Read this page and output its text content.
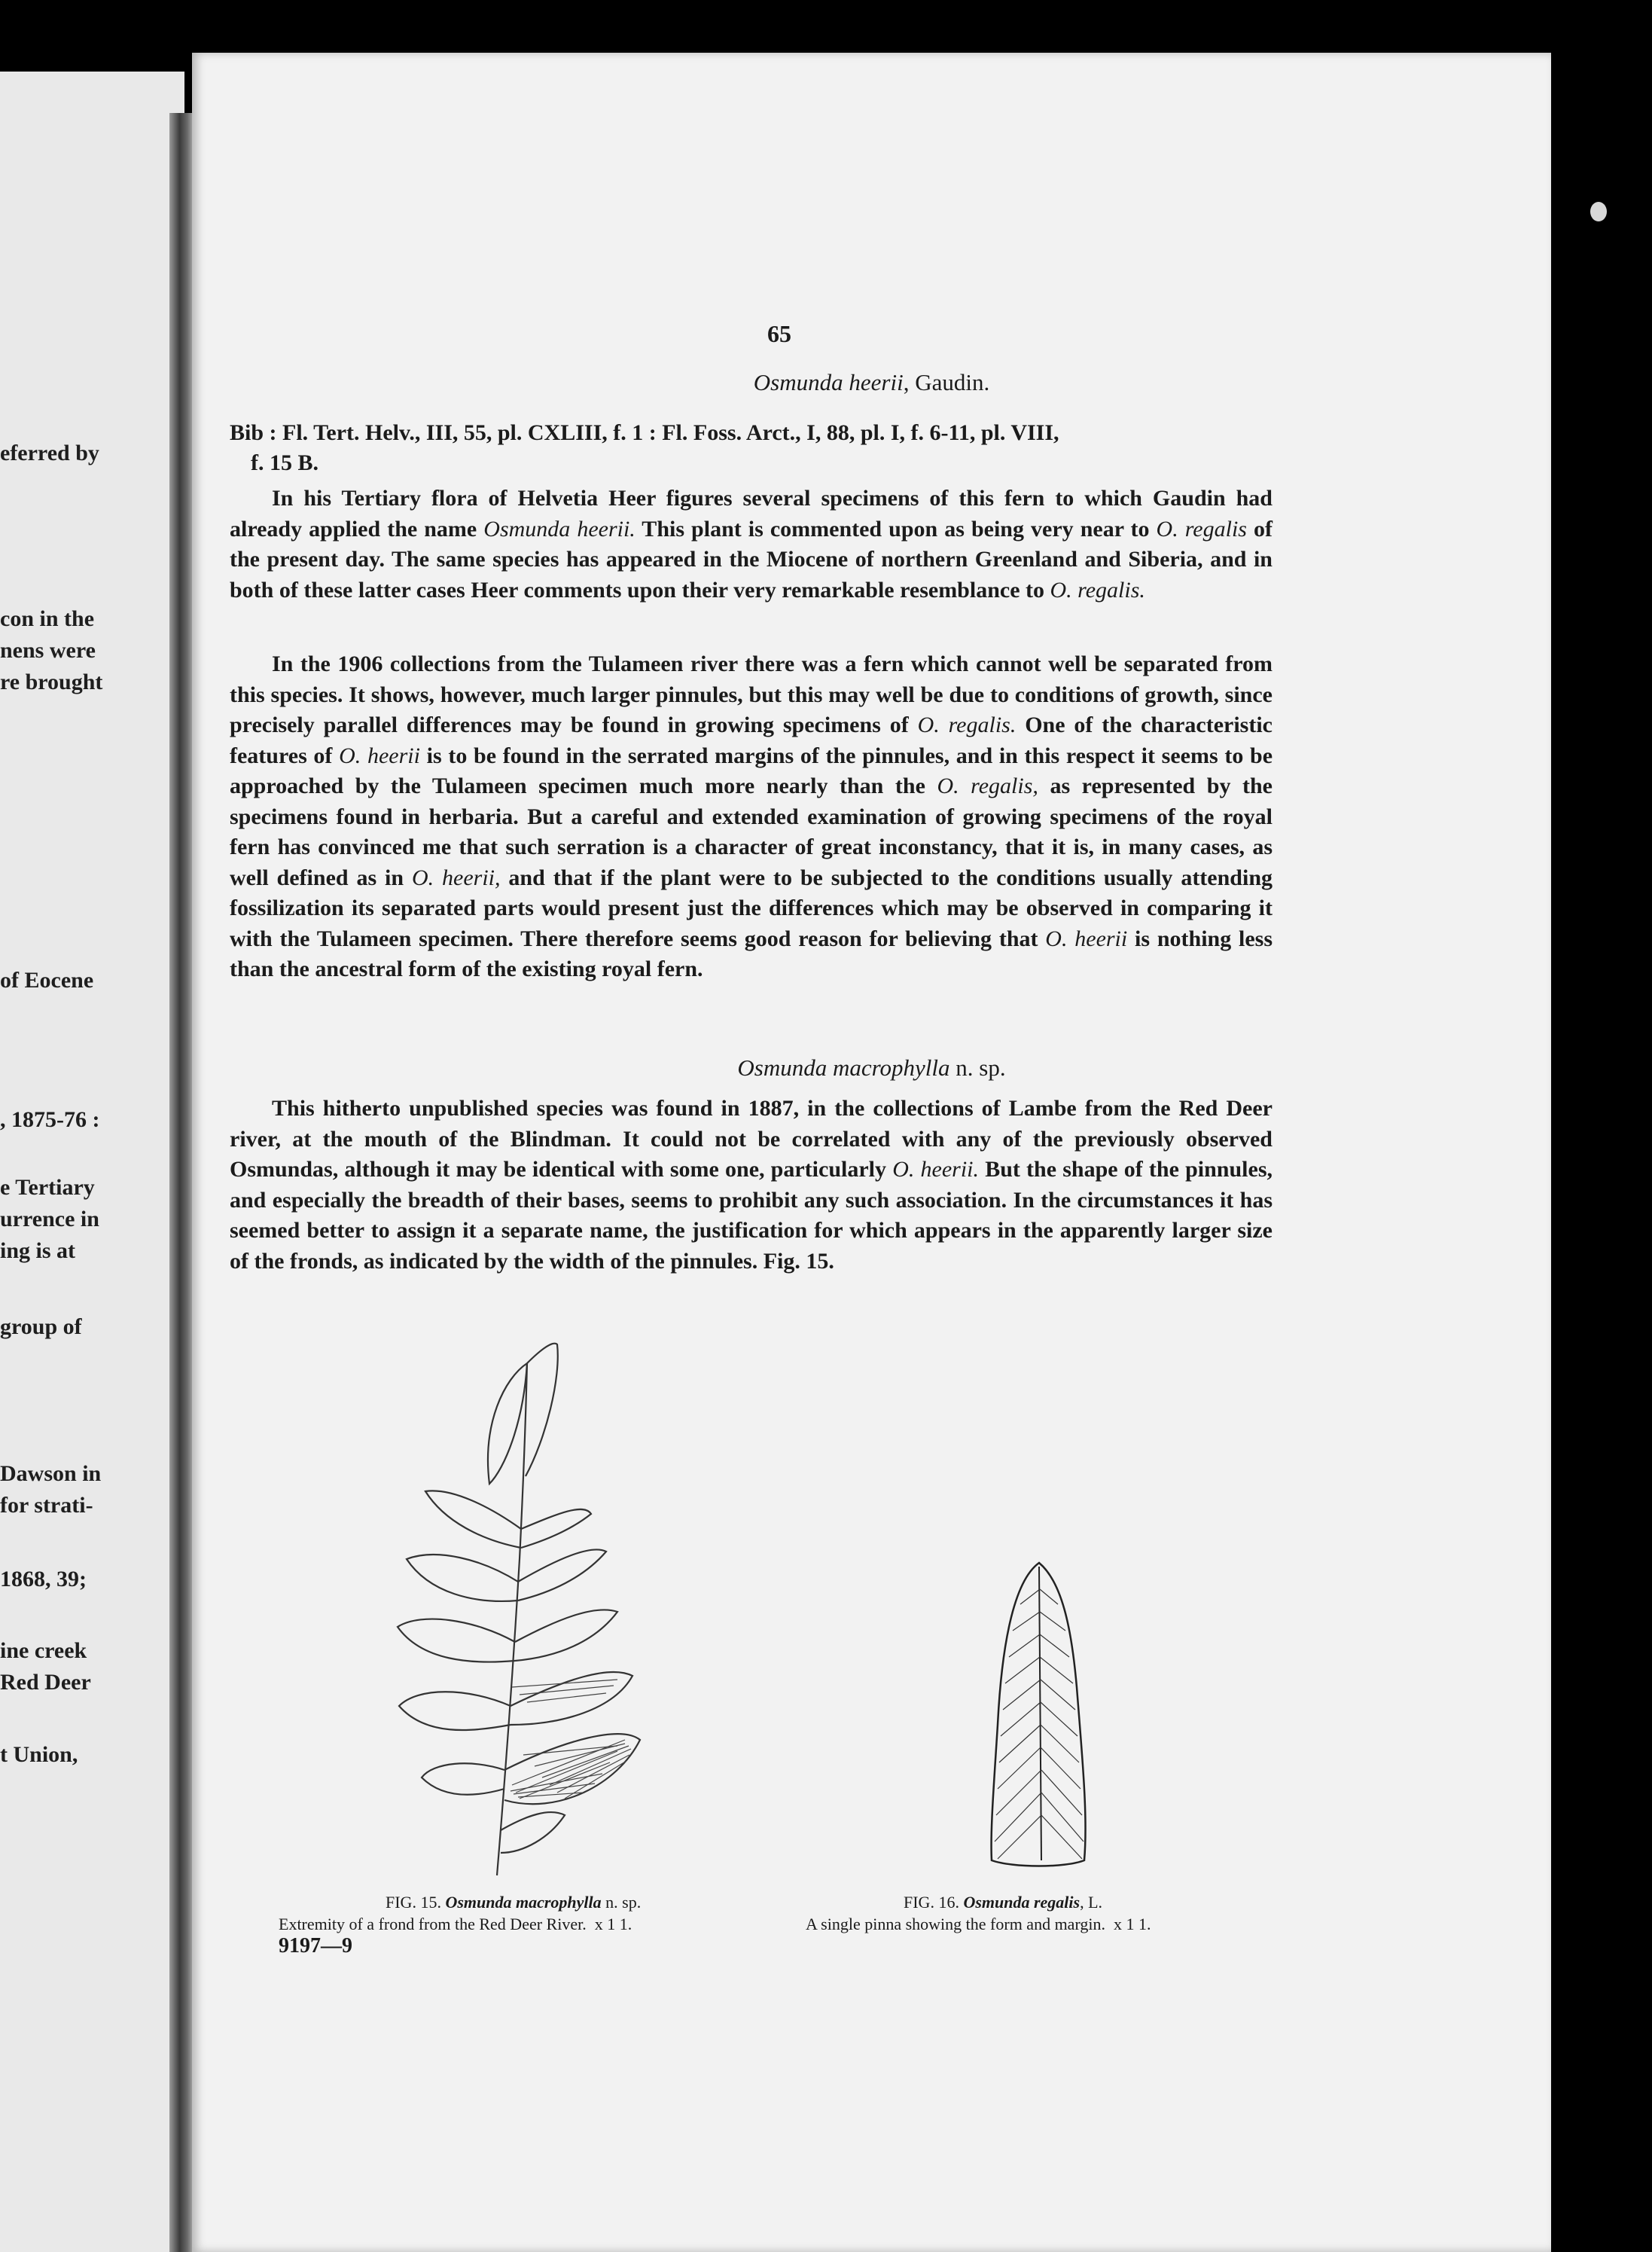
eferred by
con in the
nens were
re brought
of Eocene
, 1875-76 :
e Tertiary
urrence in
ing is at
group of
Dawson in
for strati-
1868, 39;
ine creek
Red Deer
t Union,
65
Osmunda heerii, Gaudin.
Bib : Fl. Tert. Helv., III, 55, pl. CXLIII, f. 1 : Fl. Foss. Arct., I, 88, pl. I, f. 6-11, pl. VIII,
f. 15 B.

In his Tertiary flora of Helvetia Heer figures several specimens of this fern to which Gaudin had already applied the name Osmunda heerii. This plant is commented upon as being very near to O. regalis of the present day. The same species has appeared in the Miocene of northern Greenland and Siberia, and in both of these latter cases Heer comments upon their very remarkable resemblance to O. regalis.

In the 1906 collections from the Tulameen river there was a fern which cannot well be separated from this species. It shows, however, much larger pinnules, but this may well be due to conditions of growth, since precisely parallel differences may be found in growing specimens of O. regalis. One of the characteristic features of O. heerii is to be found in the serrated margins of the pinnules, and in this respect it seems to be approached by the Tulameen specimen much more nearly than the O. regalis, as represented by the specimens found in herbaria. But a careful and extended examination of growing specimens of the royal fern has convinced me that such serration is a character of great inconstancy, that it is, in many cases, as well defined as in O. heerii, and that if the plant were to be subjected to the conditions usually attending fossilization its separated parts would present just the differences which may be observed in comparing it with the Tulameen specimen. There therefore seems good reason for believing that O. heerii is nothing less than the ancestral form of the existing royal fern.

Osmunda macrophylla n. sp.

This hitherto unpublished species was found in 1887, in the collections of Lambe from the Red Deer river, at the mouth of the Blindman. It could not be correlated with any of the previously observed Osmundas, although it may be identical with some one, particularly O. heerii. But the shape of the pinnules, and especially the breadth of their bases, seems to prohibit any such association. In the circumstances it has seemed better to assign it a separate name, the justification for which appears in the apparently larger size of the fronds, as indicated by the width of the pinnules. Fig. 15.

FIG. 15. Osmunda macrophylla n. sp.
Extremity of a frond from the Red Deer River. x 1 1.
FIG. 16. Osmunda regalis, L.
A single pinna showing the form and margin. x 1 1.
9197—9
